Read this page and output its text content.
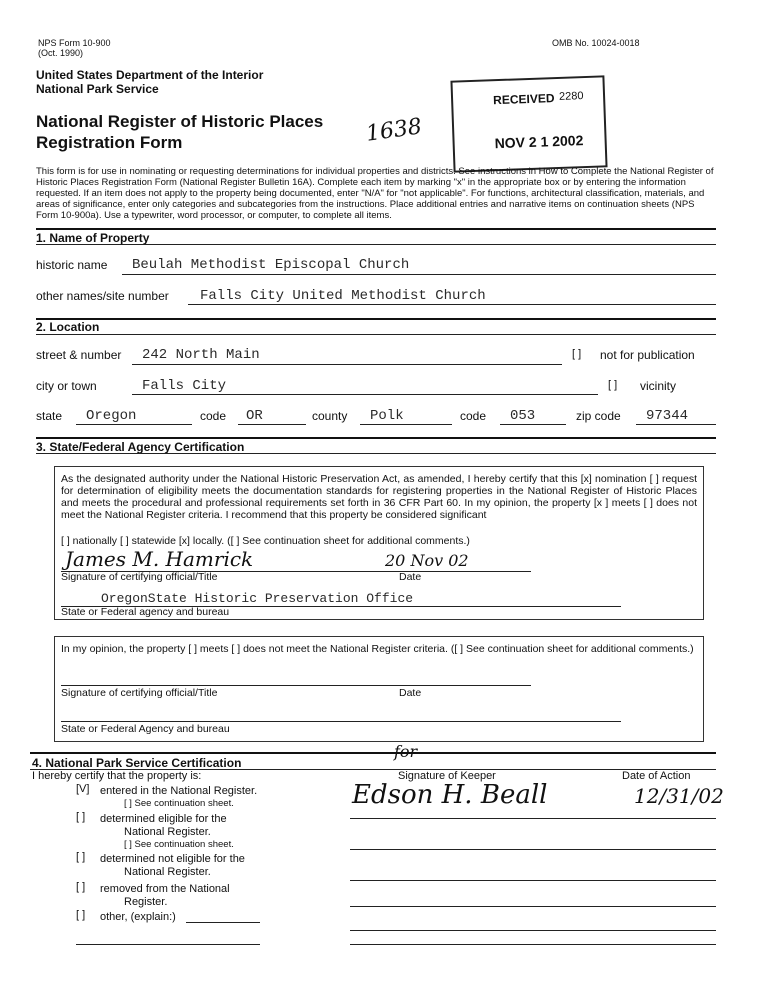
NPS Form 10-900
(Oct. 1990)
OMB No. 10024-0018
United States Department of the Interior
National Park Service
National Register of Historic Places
Registration Form	1638
RECEIVED 2280
NOV 2 1 2002
This form is for use in nominating or requesting determinations for individual properties and districts. See instructions in How to Complete the National Register of Historic Places Registration Form (National Register Bulletin 16A). Complete each item by marking "x" in the appropriate box or by entering the information requested. If an item does not apply to the property being documented, enter "N/A" for "not applicable". For functions, architectural classification, materials, and areas of significance, enter only categories and subcategories from the instructions. Place additional entries and narrative items on continuation sheets (NPS Form 10-900a). Use a typewriter, word processor, or computer, to complete all items.
1. Name of Property
historic name Beulah Methodist Episcopal Church
other names/site number Falls City United Methodist Church
2. Location
street & number 242 North Main	[ ] not for publication
city or town	Falls City	[ ] vicinity
state Oregon	code OR	county Polk	code 053	zip code 97344
3. State/Federal Agency Certification
As the designated authority under the National Historic Preservation Act, as amended, I hereby certify that this [x] nomination [ ] request for determination of eligibility meets the documentation standards for registering properties in the National Register of Historic Places and meets the procedural and professional requirements set forth in 36 CFR Part 60. In my opinion, the property [x ] meets [ ] does not meet the National Register criteria. I recommend that this property be considered significant
[ ] nationally [ ] statewide [x] locally. ([ ] See continuation sheet for additional comments.)
James M. Hamrick	20 Nov 02
Signature of certifying official/Title	Date
OregonState Historic Preservation Office
State or Federal agency and bureau
In my opinion, the property [ ] meets [ ] does not meet the National Register criteria. ([ ] See continuation sheet for additional comments.)
Signature of certifying official/Title	Date
State or Federal Agency and bureau
4. National Park Service Certification
I hereby certify that the property is:
for
Signature of Keeper	Date of Action
Edson H. Beall	12/31/02
[V] entered in the National Register.
[ ] See continuation sheet.
[ ] determined eligible for the
National Register.
[ ] See continuation sheet.
[ ] determined not eligible for the
National Register.
[ ] removed from the National
Register.
[ ] other, (explain:)
